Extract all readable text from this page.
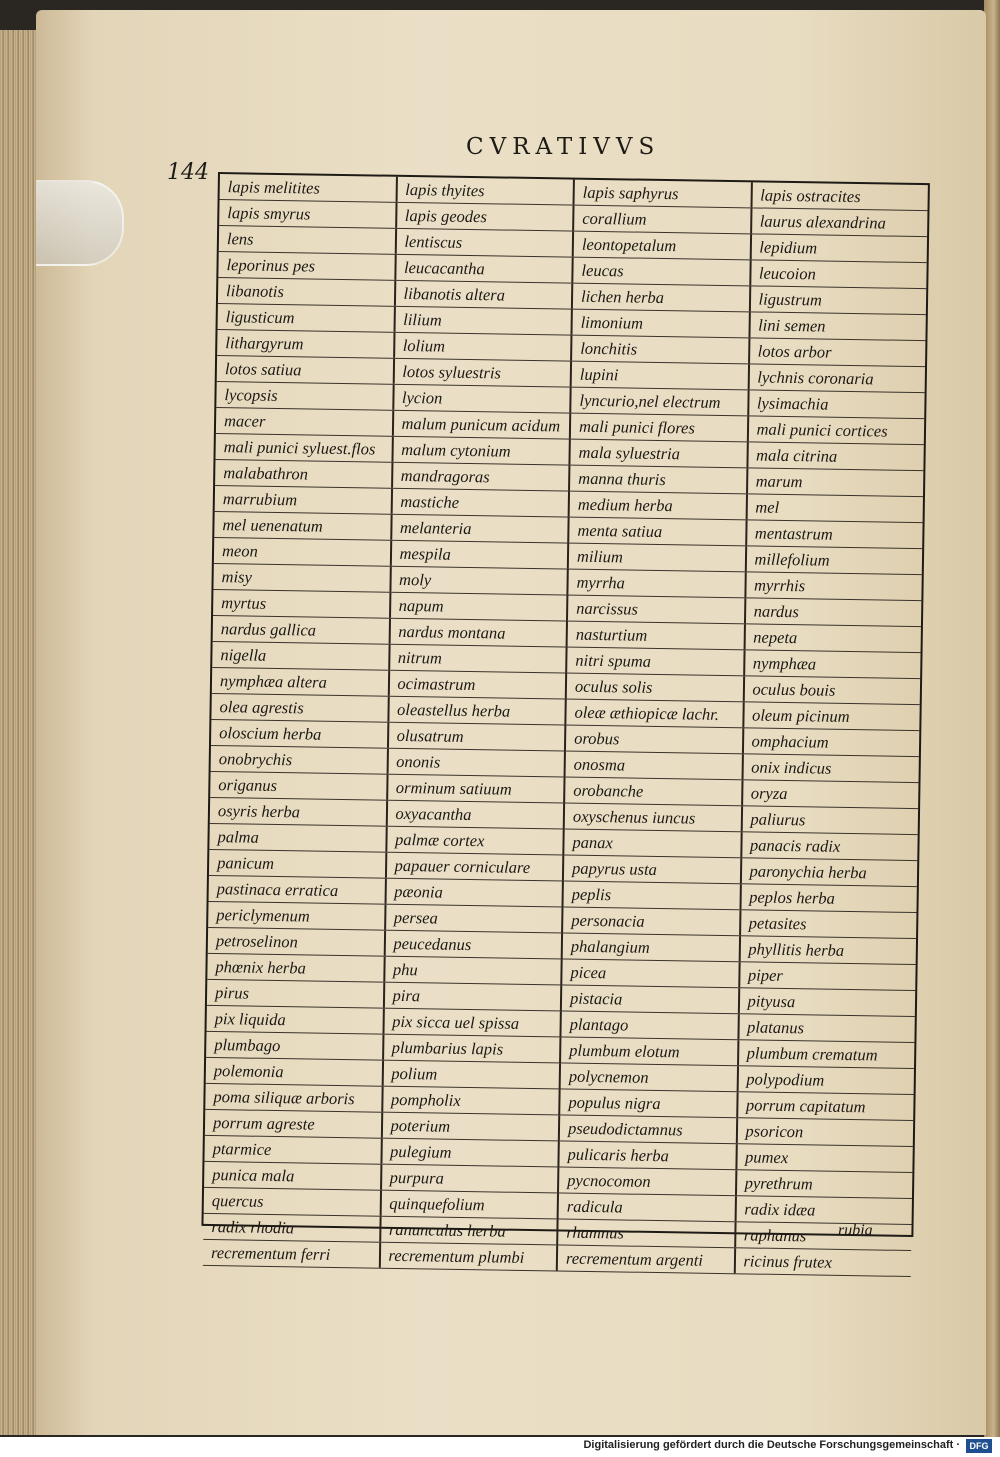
144
CVRATIVVS
lapis melitites	lapis thyites	lapis saphyrus	lapis ostracites
lapis smyrus	lapis geodes	corallium	laurus alexandrina
lens	lentiscus	leontopetalum	lepidium
leporinus pes	leucacantha	leucas	leucoion
libanotis	libanotis altera	lichen herba	ligustrum
ligusticum	lilium	limonium	lini semen
lithargyrum	lolium	lonchitis	lotos arbor
lotos satiua	lotos syluestris	lupini	lychnis coronaria
lycopsis	lycion	lyncurio,nel electrum	lysimachia
macer	malum punicum acidum	mali punici flores	mali punici cortices
mali punici syluest.flos	malum cytonium	mala syluestria	mala citrina
malabathron	mandragoras	manna thuris	marum
marrubium	mastiche	medium herba	mel
mel uenenatum	melanteria	menta satiua	mentastrum
meon	mespila	milium	millefolium
misy	moly	myrrha	myrrhis
myrtus	napum	narcissus	nardus
nardus gallica	nardus montana	nasturtium	nepeta
nigella	nitrum	nitri spuma	nymphæa
nymphæa altera	ocimastrum	oculus solis	oculus bouis
olea agrestis	oleastellus herba	oleæ æthiopicæ lachr.	oleum picinum
oloscium herba	olusatrum	orobus	omphacium
onobrychis	ononis	onosma	onix indicus
origanus	orminum satiuum	orobanche	oryza
osyris herba	oxyacantha	oxyschenus iuncus	paliurus
palma	palmæ cortex	panax	panacis radix
panicum	papauer corniculare	papyrus usta	paronychia herba
pastinaca erratica	pæonia	peplis	peplos herba
periclymenum	persea	personacia	petasites
petroselinon	peucedanus	phalangium	phyllitis herba
phœnix herba	phu	picea	piper
pirus	pira	pistacia	pityusa
pix liquida	pix sicca uel spissa	plantago	platanus
plumbago	plumbarius lapis	plumbum elotum	plumbum crematum
polemonia	polium	polycnemon	polypodium
poma siliquæ arboris	pompholix	populus nigra	porrum capitatum
porrum agreste	poterium	pseudodictamnus	psoricon
ptarmice	pulegium	pulicaris herba	pumex
punica mala	purpura	pycnocomon	pyrethrum
quercus	quinquefolium	radicula	radix idæa
radix rhodia	ranunculus herba	rhamnus	raphanus
recrementum ferri	recrementum plumbi	recrementum argenti	ricinus frutex
rubia
Digitalisierung gefördert durch die Deutsche Forschungsgemeinschaft ·	DFG
